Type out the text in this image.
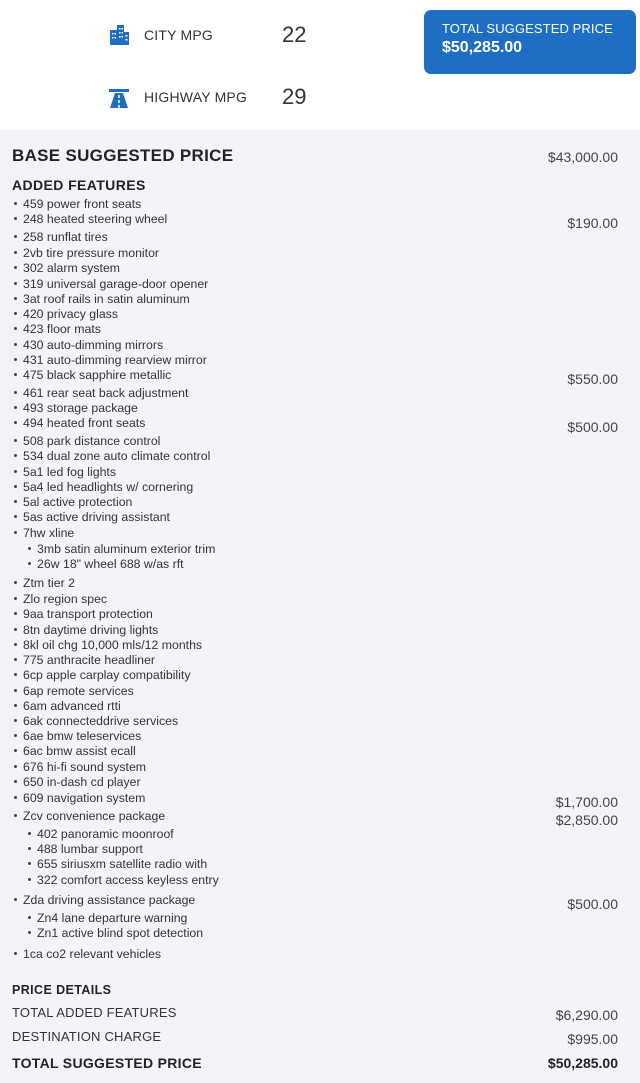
CITY MPG	22
HIGHWAY MPG 29
TOTAL SUGGESTED PRICE
$50,285.00
BASE SUGGESTED PRICE	$43,000.00
ADDED FEATURES
459 power front seats
248 heated steering wheel	$190.00
258 runflat tires
2vb tire pressure monitor
302 alarm system
319 universal garage-door opener
3at roof rails in satin aluminum
420 privacy glass
423 floor mats
430 auto-dimming mirrors
431 auto-dimming rearview mirror
475 black sapphire metallic	$550.00
461 rear seat back adjustment
493 storage package
494 heated front seats	$500.00
508 park distance control
534 dual zone auto climate control
5a1 led fog lights
5a4 led headlights w/ cornering
5al active protection
5as active driving assistant
7hw xline
3mb satin aluminum exterior trim
26w 18" wheel 688 w/as rft
Ztm tier 2
Zlo region spec
9aa transport protection
8tn daytime driving lights
8kl oil chg 10,000 mls/12 months
775 anthracite headliner
6cp apple carplay compatibility
6ap remote services
6am advanced rtti
6ak connecteddrive services
6ae bmw teleservices
6ac bmw assist ecall
676 hi-fi sound system
650 in-dash cd player
609 navigation system	$1,700.00
Zcv convenience package	$2,850.00
402 panoramic moonroof
488 lumbar support
655 siriusxm satellite radio with
322 comfort access keyless entry
Zda driving assistance package	$500.00
Zn4 lane departure warning
Zn1 active blind spot detection
1ca co2 relevant vehicles
PRICE DETAILS
TOTAL ADDED FEATURES	$6,290.00
DESTINATION CHARGE	$995.00
TOTAL SUGGESTED PRICE	$50,285.00
